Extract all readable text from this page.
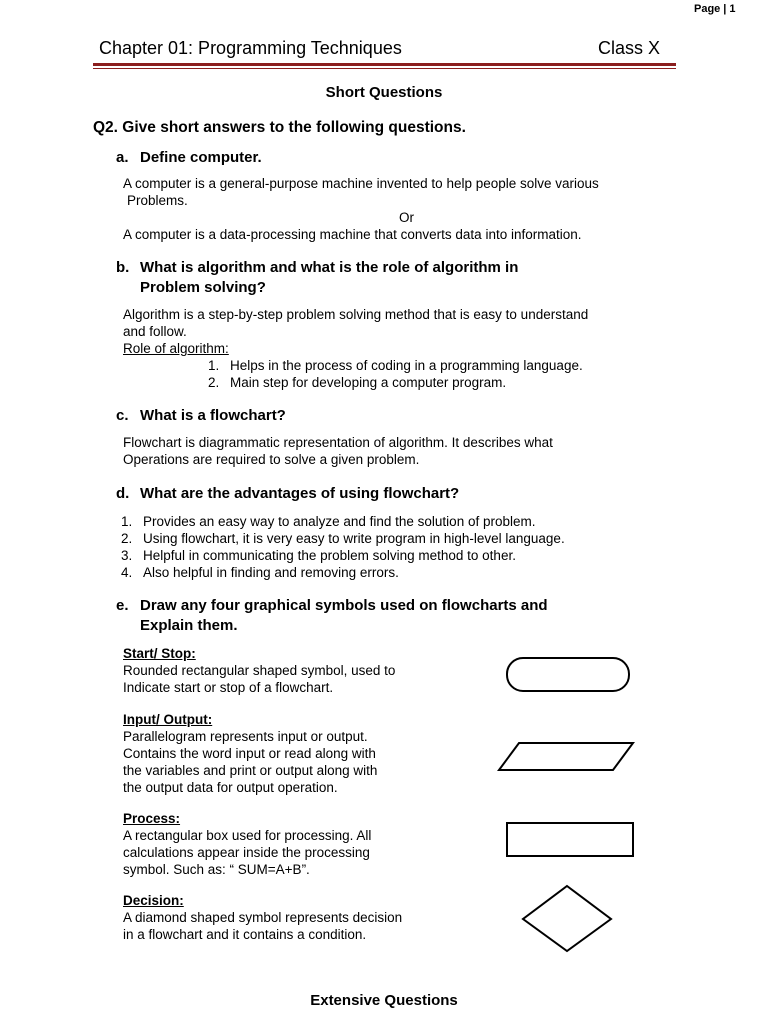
Page | 1
Chapter 01: Programming Techniques	Class X
Short Questions
Q2. Give short answers to the following questions.
a. Define computer.

A computer is a general-purpose machine invented to help people solve various

Problems.

Or

A computer is a data-processing machine that converts data into information.

b. What is algorithm and what is the role of algorithm in
Problem solving?

Algorithm is a step-by-step problem solving method that is easy to understand

and follow.

Role of algorithm:

1. Helps in the process of coding in a programming language.
2. Main step for developing a computer program.
c. What is a flowchart?

Flowchart is diagrammatic representation of algorithm. It describes what

Operations are required to solve a given problem.

d. What are the advantages of using flowchart?
1. Provides an easy way to analyze and find the solution of problem.
2. Using flowchart, it is very easy to write program in high-level language.
3. Helpful in communicating the problem solving method to other.
4. Also helpful in finding and removing errors.
e. Draw any four graphical symbols used on flowcharts and
Explain them.
Start/ Stop:
Rounded rectangular shaped symbol, used to
Indicate start or stop of a flowchart.
Input/ Output:
Parallelogram represents input or output.
Contains the word input or read along with
the variables and print or output along with
the output data for output operation.
Process:
A rectangular box used for processing. All
calculations appear inside the processing
symbol. Such as: “ SUM=A+B”.
Decision:
A diamond shaped symbol represents decision
in a flowchart and it contains a condition.
Extensive Questions
